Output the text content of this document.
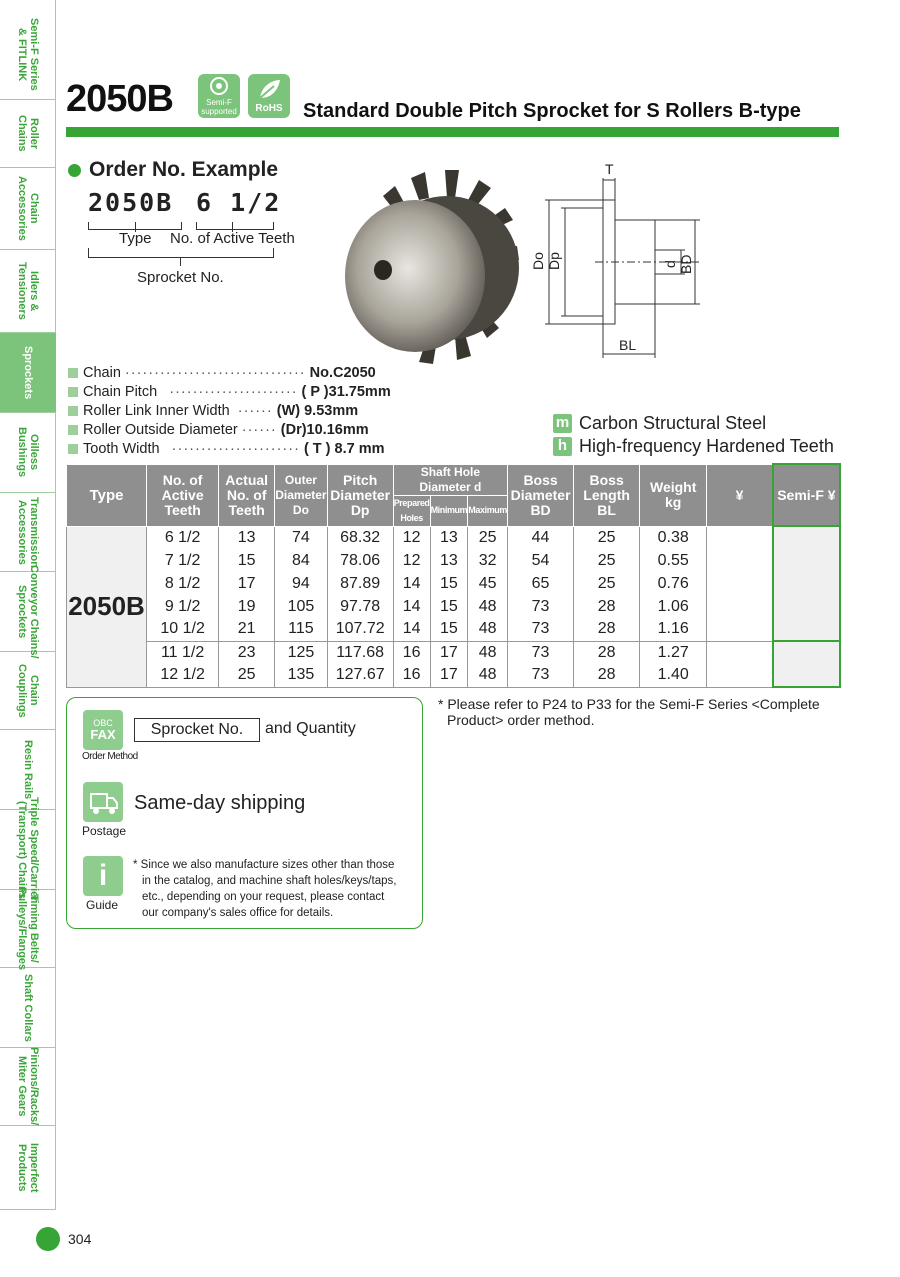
Semi-F Series
& FITLINK
Roller
Chains
Chain
Accessories
Idlers &
Tensioners
Sprockets
Oilless
Bushings
Transmission
Accessories
Conveyor Chains/
Sprockets
Chain
Couplings
Resin Rails
Triple Speed/Carrier
(Transport) Chains
Timing Belts/
Pulleys/Flanges
Shaft Collars
Pinions/Racks/
Miter Gears
Imperfect
Products
2050B	Semi-F
supported	RoHS	Standard Double Pitch Sprocket for S Rollers B-type
Order No. Example
2050B 6 1/2
Type No. of Active Teeth
Sprocket No.
T
Do Dp	d BD
BL
Chain
·······························
No.C2050
Chain Pitch
······················
( P )31.75mm
Roller Link Inner Width
······
(W) 9.53mm
Roller Outside Diameter
······
(Dr)10.16mm
Tooth Width
······················
( T ) 8.7 mm
m Carbon Structural Steel
h High-frequency Hardened Teeth
Type	No. of Active Teeth	Actual No. of Teeth	Outer Diameter Do	Pitch Diameter Dp	Shaft Hole Diameter d			Boss Diameter BD	Boss Length BL	Weight kg	¥	Semi-F ¥
					Prepared Holes	Minimum	Maximum					
2050B	6 1/2	13	74	68.32	12	13	25	44	25	0.38		
	7 1/2	15	84	78.06	12	13	32	54	25	0.55		
	8 1/2	17	94	87.89	14	15	45	65	25	0.76		
	9 1/2	19	105	97.78	14	15	48	73	28	1.06		
	10 1/2	21	115	107.72	14	15	48	73	28	1.16		
	11 1/2	23	125	117.68	16	17	48	73	28	1.27		
	12 1/2	25	135	127.67	16	17	48	73	28	1.40		
OBC
FAX
Order Method
Sprocket No.	and Quantity
Postage
Same-day shipping
i
Guide
* Since we also manufacture sizes other than those
in the catalog, and machine shaft holes/keys/taps,
etc., depending on your request, please contact
our company's sales office for details.
* Please refer to P24 to P33 for the Semi-F Series <Complete
Product> order method.
304
